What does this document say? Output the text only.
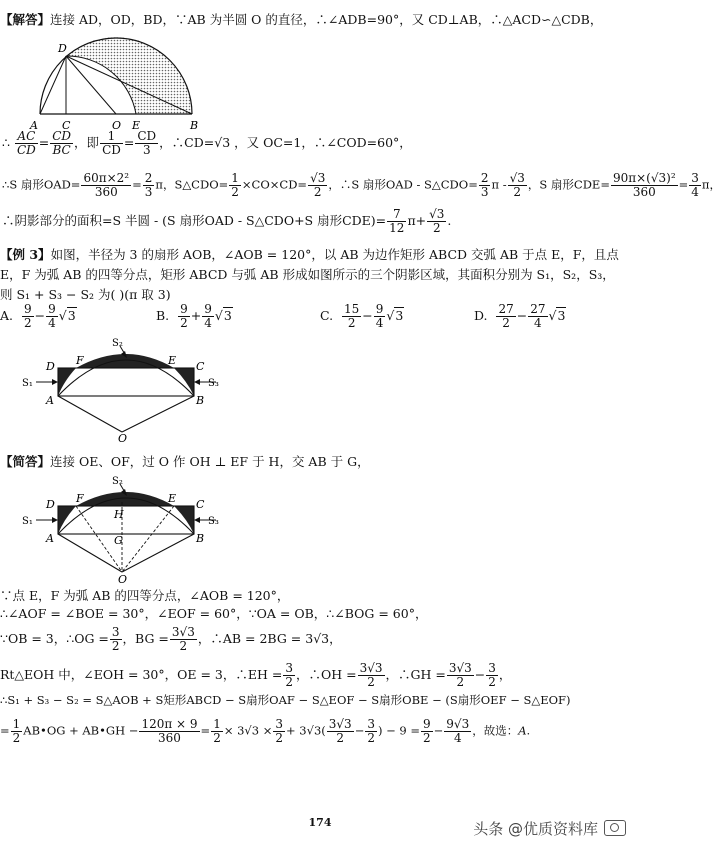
【解答】连接 AD，OD，BD，∵AB 为半圆 O 的直径，∴∠ADB=90°，又 CD⊥AB，∴△ACD∽△CDB，
D
A C	O E	B
∴ $\frac{AC}{CD} = \frac{CD}{BC}$ ，即 $\frac{1}{CD} = \frac{CD}{3}$ ，∴CD=√3 ，又 OC=1，∴∠COD=60°，
∴S 扇形$OAD= \frac{\text{60π×2²}}{360} = \frac{2}{3}$ π，S△CDO= $\frac{1}{2} \times CO\times CD= \frac{√3}{2}$ ，∴S 扇形OAD - S△CDO= $\frac{2}{3}$ π - $\frac{√3}{2}$ ，S 扇形$CDE= \frac{\text{90π×(√3)²}}{360} = \frac{3}{4}$ π，
∴阴影部分的面积=S 半圆 - (S 扇形OAD - S△CDO+S 扇形$CDE)= \frac{7}{12} \pi+ \frac{√3}{2}$ .
【例 3】如图，半径为 3 的扇形 AOB，∠AOB = 120°，以 AB 为边作矩形 ABCD 交弧 AB 于点 E，F，且点
E，F 为弧 AB 的四等分点，矩形 ABCD 与弧 AB 形成如图所示的三个阴影区域，其面积分别为 S₁，S₂，S₃，
则 S₁ + S₃ − S₂ 为( )(π 取 3)
A. $\frac{9}{2} - \frac{9}{4} √3$	B. $\frac{9}{2} + \frac{9}{4} √3$	C. $\frac{15}{2} - \frac{9}{4} √3$	D. $\frac{27}{2} - \frac{27}{4} √3$
S₂
D F	E C
S₁	S₃
A	B
O
【简答】连接 OE、OF，过 O 作 OH ⊥ EF 于 H，交 AB 于 G，
S₂
F	E
H
D	C
S₁	S₃
G
A	B
O
∵点 E，F 为弧 AB 的四等分点，∠AOB = 120°，
∴∠AOF = ∠BOE = 30°，∠EOF = 60°，∵OA = OB，∴∠BOG = 60°，
∵OB = 3，∴OG = $\frac{3}{2}$ ，BG = $\frac{3√3}{2}$ ，∴AB = 2BG = 3√3，
Rt△EOH 中，∠EOH = 30°，OE = 3，∴EH = $\frac{3}{2}$ ，∴OH = $\frac{3√3}{2}$ ，∴GH = $\frac{3√3}{2} - \frac{3}{2}$ ，
∴S₁ + S₃ − S₂ = S△AOB + S矩形ABCD − S扇形OAF − S△EOF − S扇形OBE − (S扇形OEF − S△EOF)
= $\frac{1}{2}$ AB•OG + AB•GH − $\frac{120\pi \times 9}{360} = \frac{1}{2} \times 3√3 \times \frac{3}{2} + 3√3( \frac{3√3}{2} - \frac{3}{2}$ ) − $9 = \frac{9}{2} - \frac{9√3}{4}$ ，故选：A.
174	头条 @优质资料库
